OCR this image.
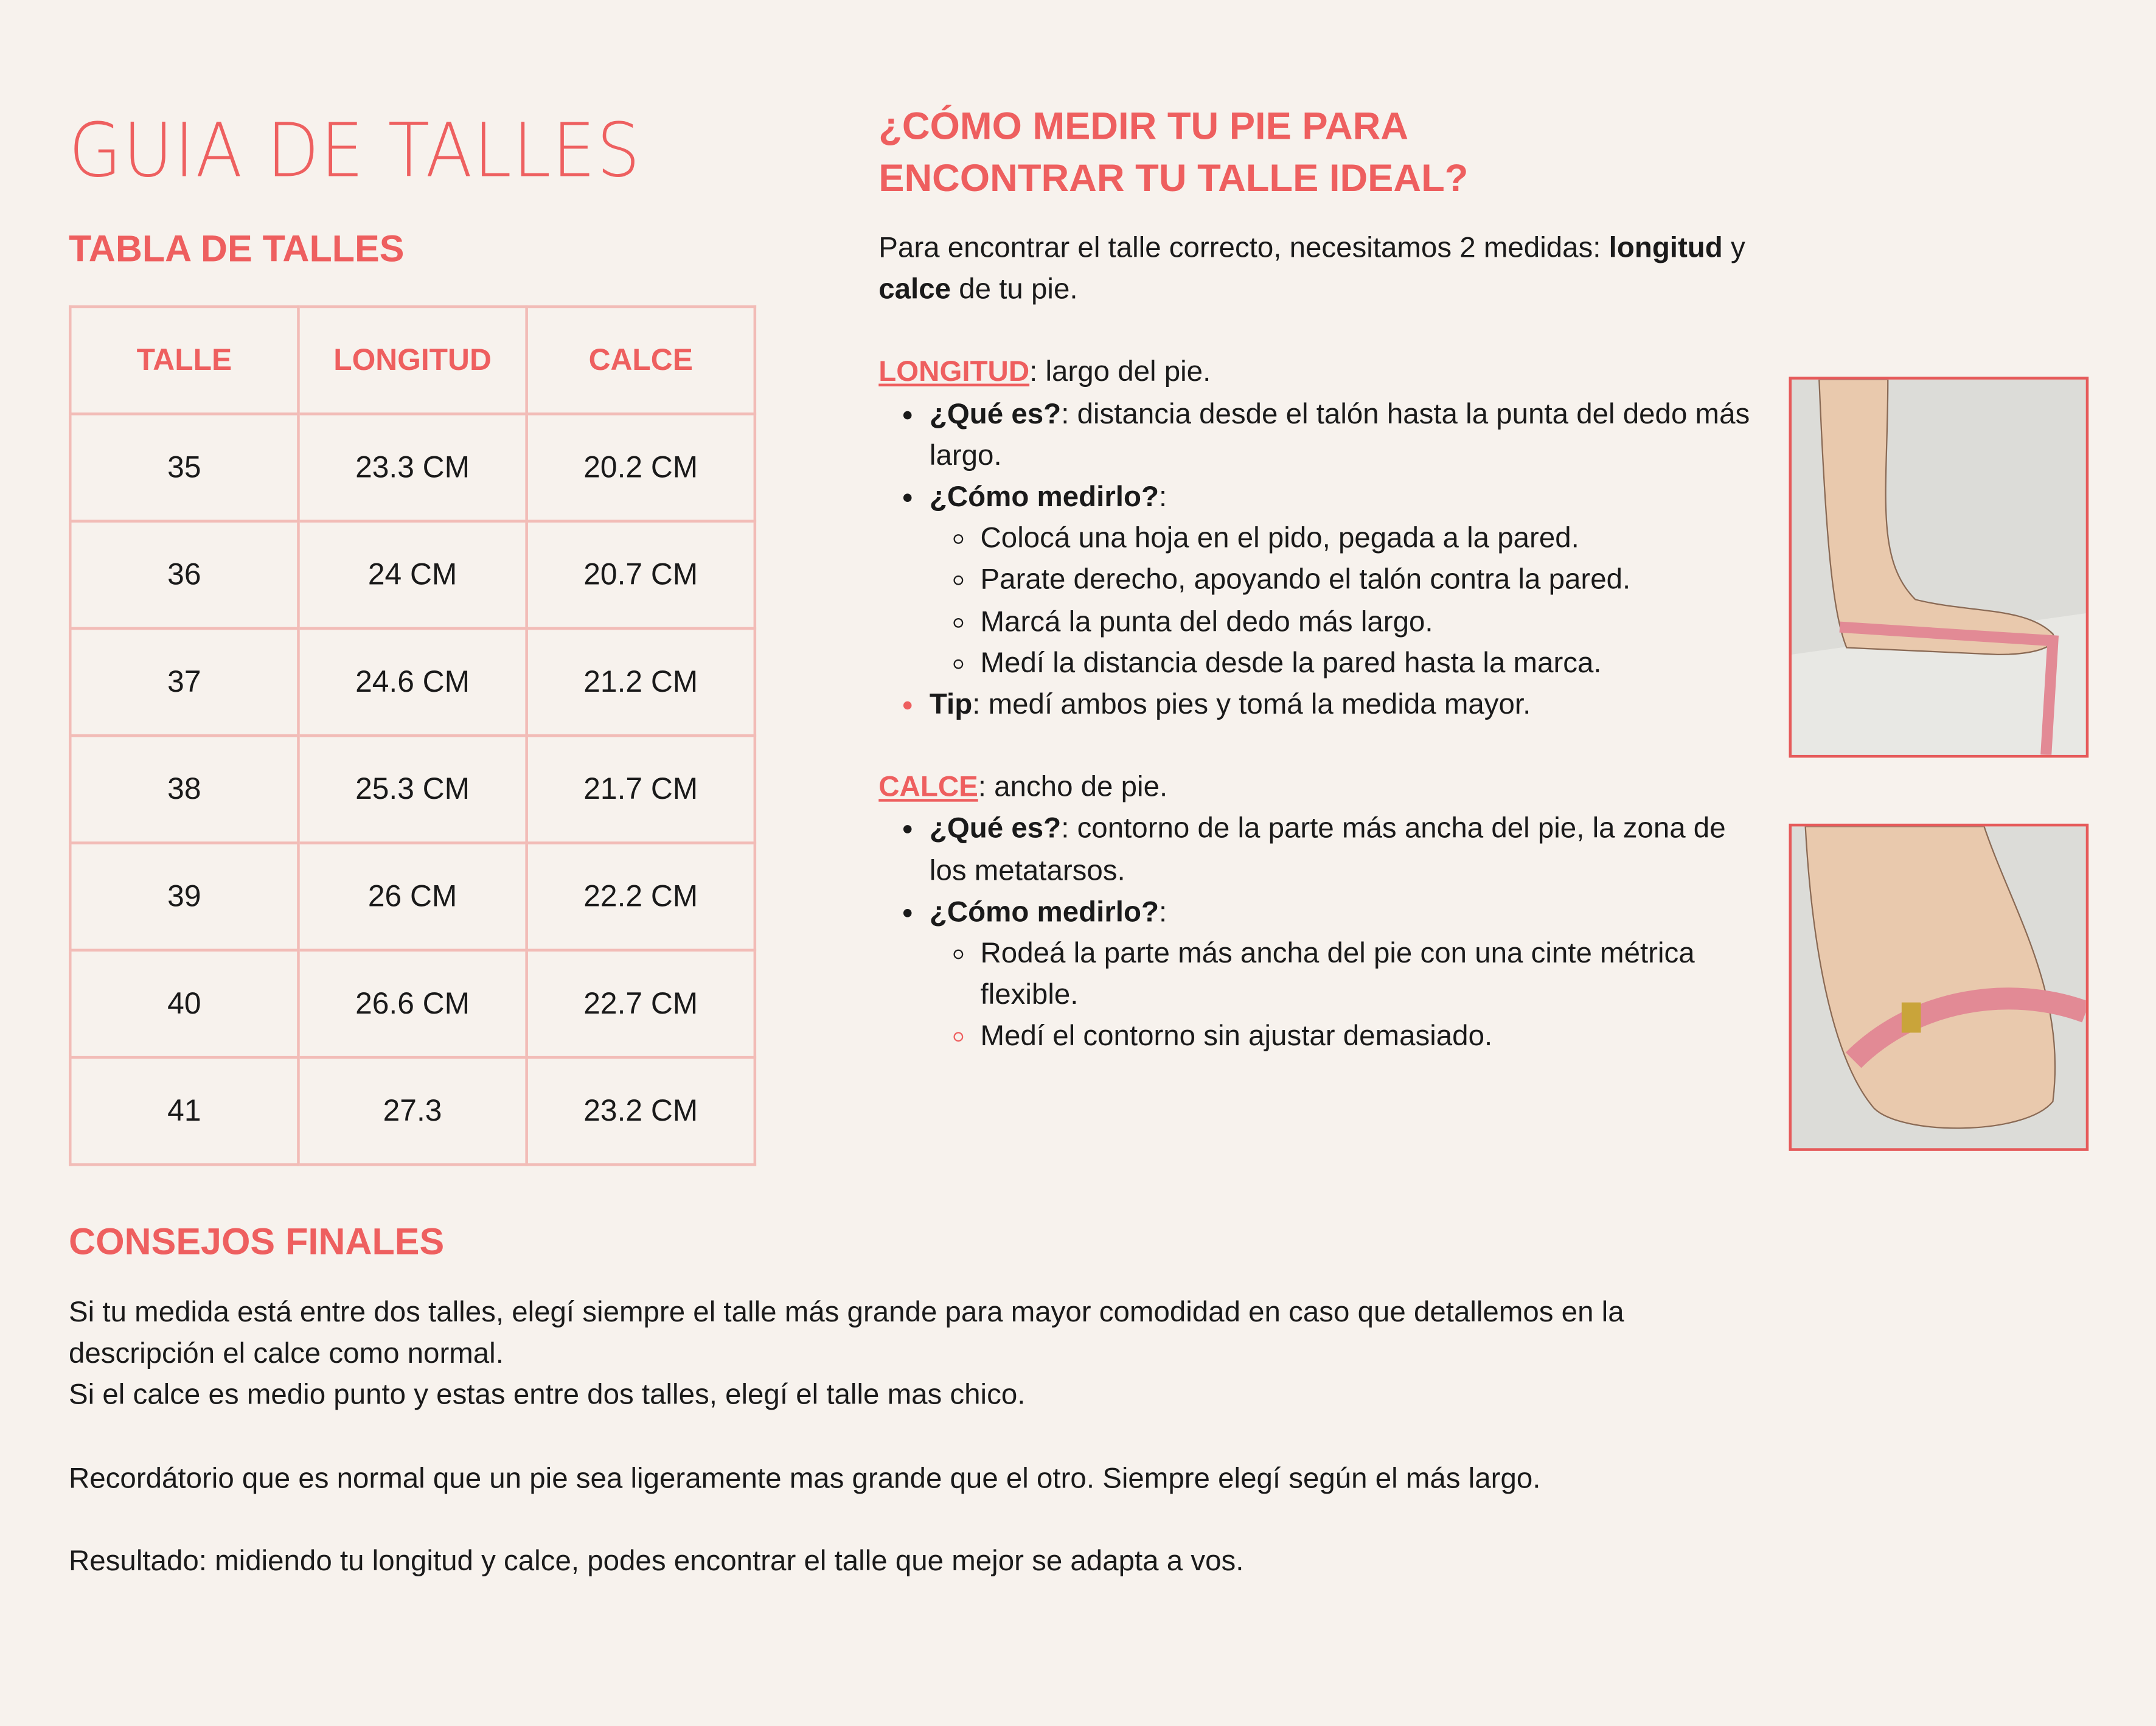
GUIA DE TALLES
TABLA DE TALLES
TALLE	LONGITUD	CALCE
35	23.3 CM	20.2 CM
36	24 CM	20.7 CM
37	24.6 CM	21.2 CM
38	25.3 CM	21.7 CM
39	26 CM	22.2 CM
40	26.6 CM	22.7 CM
41	27.3	23.2 CM
¿CÓMO MEDIR TU PIE PARA
ENCONTRAR TU TALLE IDEAL?

Para encontrar el talle correcto, necesitamos 2 medidas: longitud y calce de tu pie.

LONGITUD: largo del pie.

• ¿Qué es?: distancia desde el talón hasta la punta del dedo más largo.
• ¿Cómo medirlo?:
◦ Colocá una hoja en el pido, pegada a la pared.
◦ Parate derecho, apoyando el talón contra la pared.
◦ Marcá la punta del dedo más largo.
◦ Medí la distancia desde la pared hasta la marca.
• Tip: medí ambos pies y tomá la medida mayor.

CALCE: ancho de pie.

• ¿Qué es?: contorno de la parte más ancha del pie, la zona de los metatarsos.
• ¿Cómo medirlo?:
◦ Rodeá la parte más ancha del pie con una cinte métrica flexible.
◦ Medí el contorno sin ajustar demasiado.
CONSEJOS FINALES

Si tu medida está entre dos talles, elegí siempre el talle más grande para mayor comodidad en caso que detallemos en la descripción el calce como normal.

Si el calce es medio punto y estas entre dos talles, elegí el talle mas chico.

Recordátorio que es normal que un pie sea ligeramente mas grande que el otro. Siempre elegí según el más largo.

Resultado: midiendo tu longitud y calce, podes encontrar el talle que mejor se adapta a vos.
